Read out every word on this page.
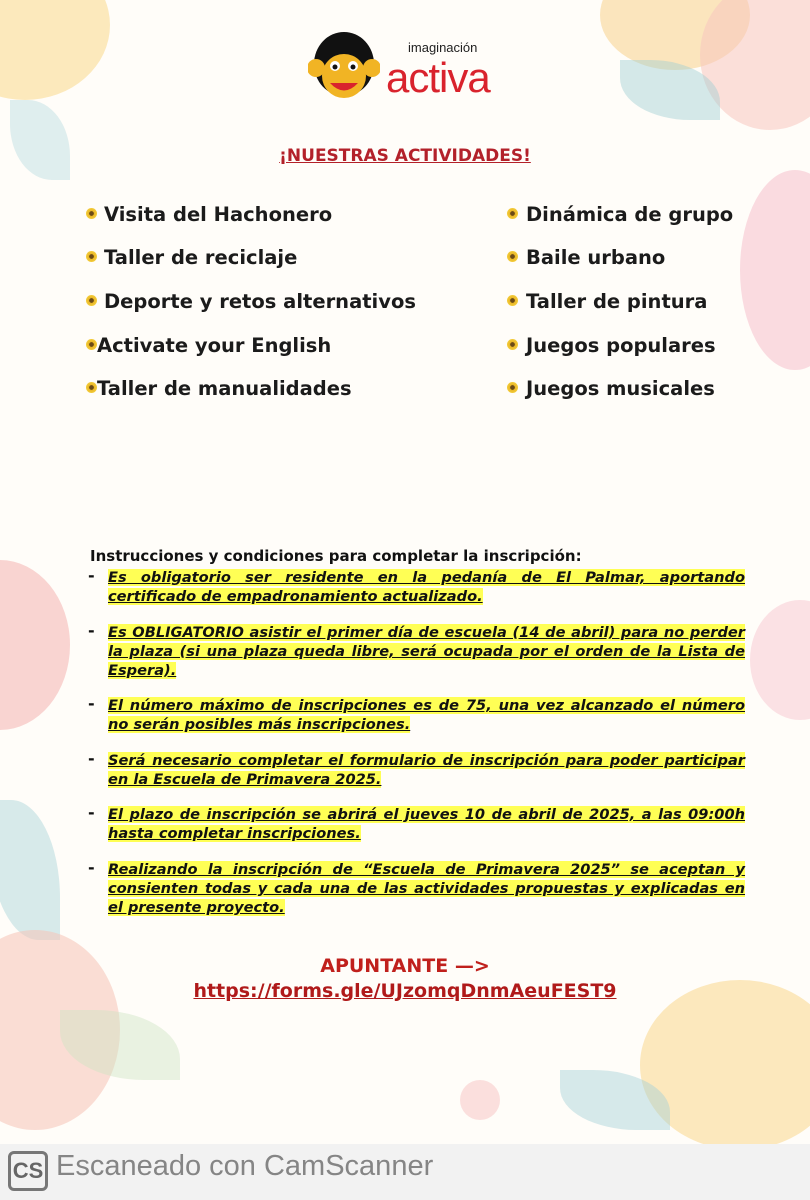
imaginación
activa
¡NUESTRAS ACTIVIDADES!
Visita del Hachonero
Taller de reciclaje
Deporte y retos alternativos
Activate your English
Taller de manualidades
Dinámica de grupo
Baile urbano
Taller de pintura
Juegos populares
Juegos musicales
Instrucciones y condiciones para completar la inscripción:
- Es obligatorio ser residente en la pedanía de El Palmar, aportando certificado de empadronamiento actualizado.

- Es OBLIGATORIO asistir el primer día de escuela (14 de abril) para no perder la plaza (si una plaza queda libre, será ocupada por el orden de la Lista de Espera).

- El número máximo de inscripciones es de 75, una vez alcanzado el número no serán posibles más inscripciones.

- Será necesario completar el formulario de inscripción para poder participar en la Escuela de Primavera 2025.

- El plazo de inscripción se abrirá el jueves 10 de abril de 2025, a las 09:00h hasta completar inscripciones.

- Realizando la inscripción de “Escuela de Primavera 2025” se aceptan y consienten todas y cada una de las actividades propuestas y explicadas en el presente proyecto.

APUNTANTE —>
https://forms.gle/UJzomqDnmAeuFEST9
CS Escaneado con CamScanner
